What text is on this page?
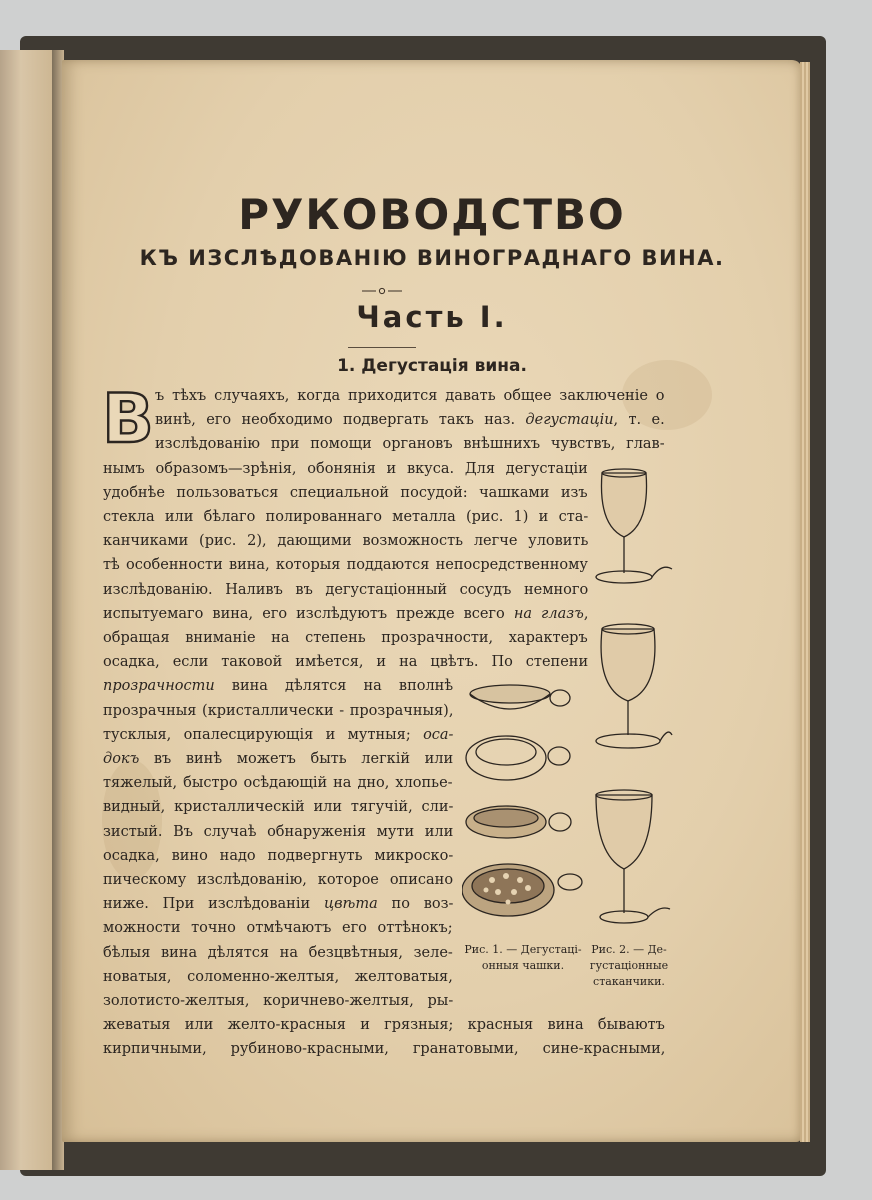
РУКОВОДСТВО
КЪ ИЗСЛѢДОВАНІЮ ВИНОГРАДНАГО ВИНА.
Часть I.
1. Дегустація вина.
В ъ тѣхъ случаяхъ, когда приходится давать общее заключеніе о
винѣ, его необходимо подвергать такъ наз. дегустаціи, т. е.
изслѣдованію при помощи органовъ внѣшнихъ чувствъ, глав-
нымъ образомъ—зрѣнія, обонянія и вкуса. Для дегустаціи
удобнѣе пользоваться специальной посудой: чашками изъ
стекла или бѣлаго полированнаго металла (рис. 1) и ста-
канчиками (рис. 2), дающими возможность легче уловить
тѣ особенности вина, которыя поддаются непосредственному
изслѣдованію. Наливъ въ дегустаціонный сосудъ немного
испытуемаго вина, его изслѣдуютъ прежде всего на глазъ,
обращая вниманіе на степень прозрачности, характеръ
осадка, если таковой имѣется, и на цвѣтъ. По степени
прозрачности вина дѣлятся на вполнѣ
прозрачныя (кристаллически - прозрачныя),
тусклыя, опалесцирующія и мутныя; оса-
докъ въ винѣ можетъ быть легкій или
тяжелый, быстро осѣдающій на дно, хлопье-
видный, кристаллическій или тягучій, сли-
зистый. Въ случаѣ обнаруженія мути или
осадка, вино надо подвергнуть микроско-
пическому изслѣдованію, которое описано
ниже. При изслѣдованіи цвѣта по воз-
можности точно отмѣчаютъ его оттѣнокъ;
бѣлыя вина дѣлятся на безцвѣтныя, зеле-
новатыя, соломенно-желтыя, желтоватыя,
золотисто-желтыя, коричнево-желтыя, ры-
жеватыя или желто-красныя и грязныя; красныя вина бываютъ
кирпичными, рубиново-красными, гранатовыми, сине-красными,
Рис. 1. — Дегустаці-
онныя чашки.
Рис. 2. — Де-
густаціонные
стаканчики.
